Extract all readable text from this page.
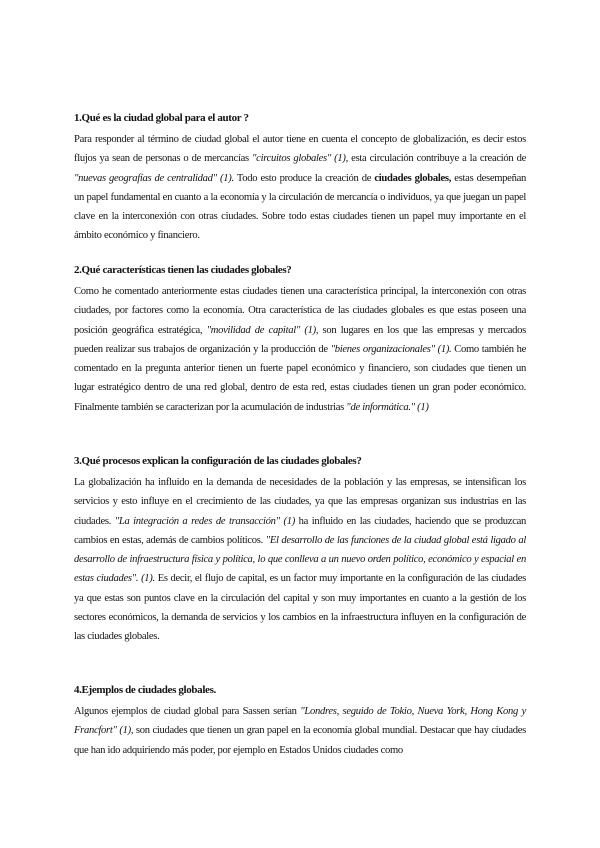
1.Qué es la ciudad global para el autor ?
Para responder al término de ciudad global el autor tiene en cuenta el concepto de globalización, es decir estos flujos ya sean de personas o de mercancías "circuitos globales" (1), esta circulación contribuye a la creación de "nuevas geografías de centralidad" (1). Todo esto produce la creación de ciudades globales, estas desempeñan un papel fundamental en cuanto a la economía y la circulación de mercancía o individuos, ya que juegan un papel clave en la interconexión con otras ciudades. Sobre todo estas ciudades tienen un papel muy importante en el ámbito económico y financiero.
2.Qué características tienen las ciudades globales?
Como he comentado anteriormente estas ciudades tienen una característica principal, la interconexión con otras ciudades, por factores como la economía. Otra característica de las ciudades globales es que estas poseen una posición geográfica estratégica, "movilidad de capital" (1), son lugares en los que las empresas y mercados pueden realizar sus trabajos de organización y la producción de "bienes organizacionales" (1). Como también he comentado en la pregunta anterior tienen un fuerte papel económico y financiero, son ciudades que tienen un lugar estratégico dentro de una red global, dentro de esta red, estas ciudades tienen un gran poder económico. Finalmente también se caracterizan por la acumulación de industrias "de informática." (1)
3.Qué procesos explican la configuración de las ciudades globales?
La globalización ha influido en la demanda de necesidades de la población y las empresas, se intensifican los servicios y esto influye en el crecimiento de las ciudades, ya que las empresas organizan sus industrias en las ciudades. "La integración a redes de transacción" (1) ha influido en las ciudades, haciendo que se produzcan cambios en estas, además de cambios políticos. "El desarrollo de las funciones de la ciudad global está ligado al desarrollo de infraestructura física y política, lo que conlleva a un nuevo orden político, económico y espacial en estas ciudades". (1). Es decir, el flujo de capital, es un factor muy importante en la configuración de las ciudades ya que estas son puntos clave en la circulación del capital y son muy importantes en cuanto a la gestión de los sectores económicos, la demanda de servicios y los cambios en la infraestructura influyen en la configuración de las ciudades globales.
4.Ejemplos de ciudades globales.
Algunos ejemplos de ciudad global para Sassen serían "Londres, seguido de Tokio, Nueva York, Hong Kong y Francfort" (1), son ciudades que tienen un gran papel en la economía global mundial. Destacar que hay ciudades que han ido adquiriendo más poder, por ejemplo en Estados Unidos ciudades como
